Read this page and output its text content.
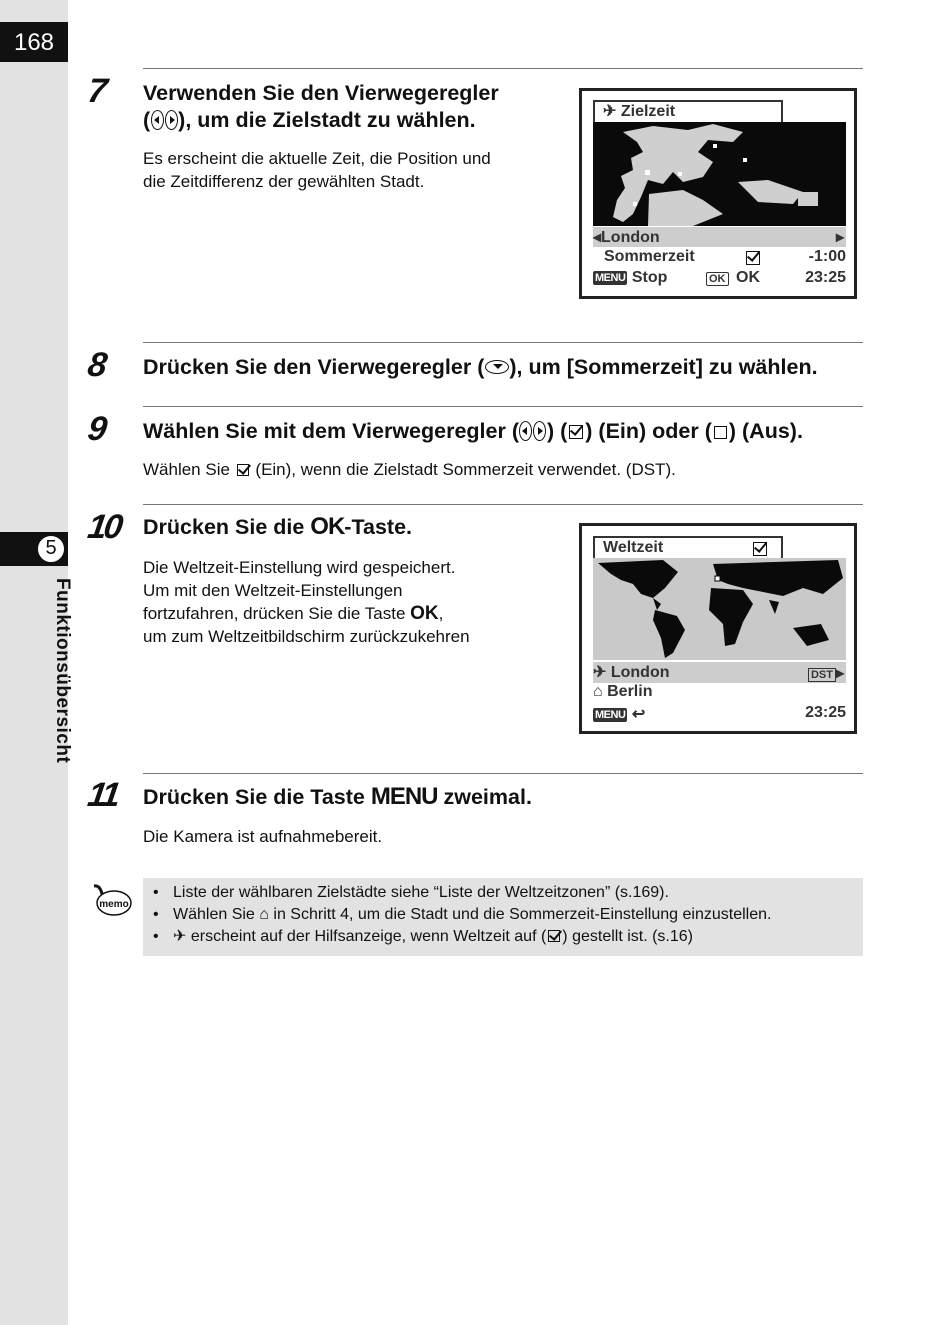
168
5
Funktionsübersicht
7 Verwenden Sie den Vierwegeregler
( ), um die Zielstadt zu wählen.
Es erscheint die aktuelle Zeit, die Position und
die Zeitdifferenz der gewählten Stadt.
✈ Zielzeit
◂London	▸
Sommerzeit	-1:00
MENU Stop	OK OK	23:25
8 Drücken Sie den Vierwegeregler ( ), um [Sommerzeit] zu wählen.
9 Wählen Sie mit dem Vierwegeregler ( ) ( ) (Ein) oder ( ) (Aus).
Wählen Sie (Ein), wenn die Zielstadt Sommerzeit verwendet. (DST).
10 Drücken Sie die OK-Taste.
Die Weltzeit-Einstellung wird gespeichert.
Um mit den Weltzeit-Einstellungen
fortzufahren, drücken Sie die Taste OK,
um zum Weltzeitbildschirm zurückzukehren
Weltzeit
✈ London	DST ▸
⌂ Berlin
MENU ↩	23:25
11 Drücken Sie die Taste MENU zweimal.
Die Kamera ist aufnahmebereit.
memo
• Liste der wählbaren Zielstädte siehe “Liste der Weltzeitzonen” (s.169).
• Wählen Sie ⌂ in Schritt 4, um die Stadt und die Sommerzeit-Einstellung einzustellen.
• ✈ erscheint auf der Hilfsanzeige, wenn Weltzeit auf ( ) gestellt ist. (s.16)
